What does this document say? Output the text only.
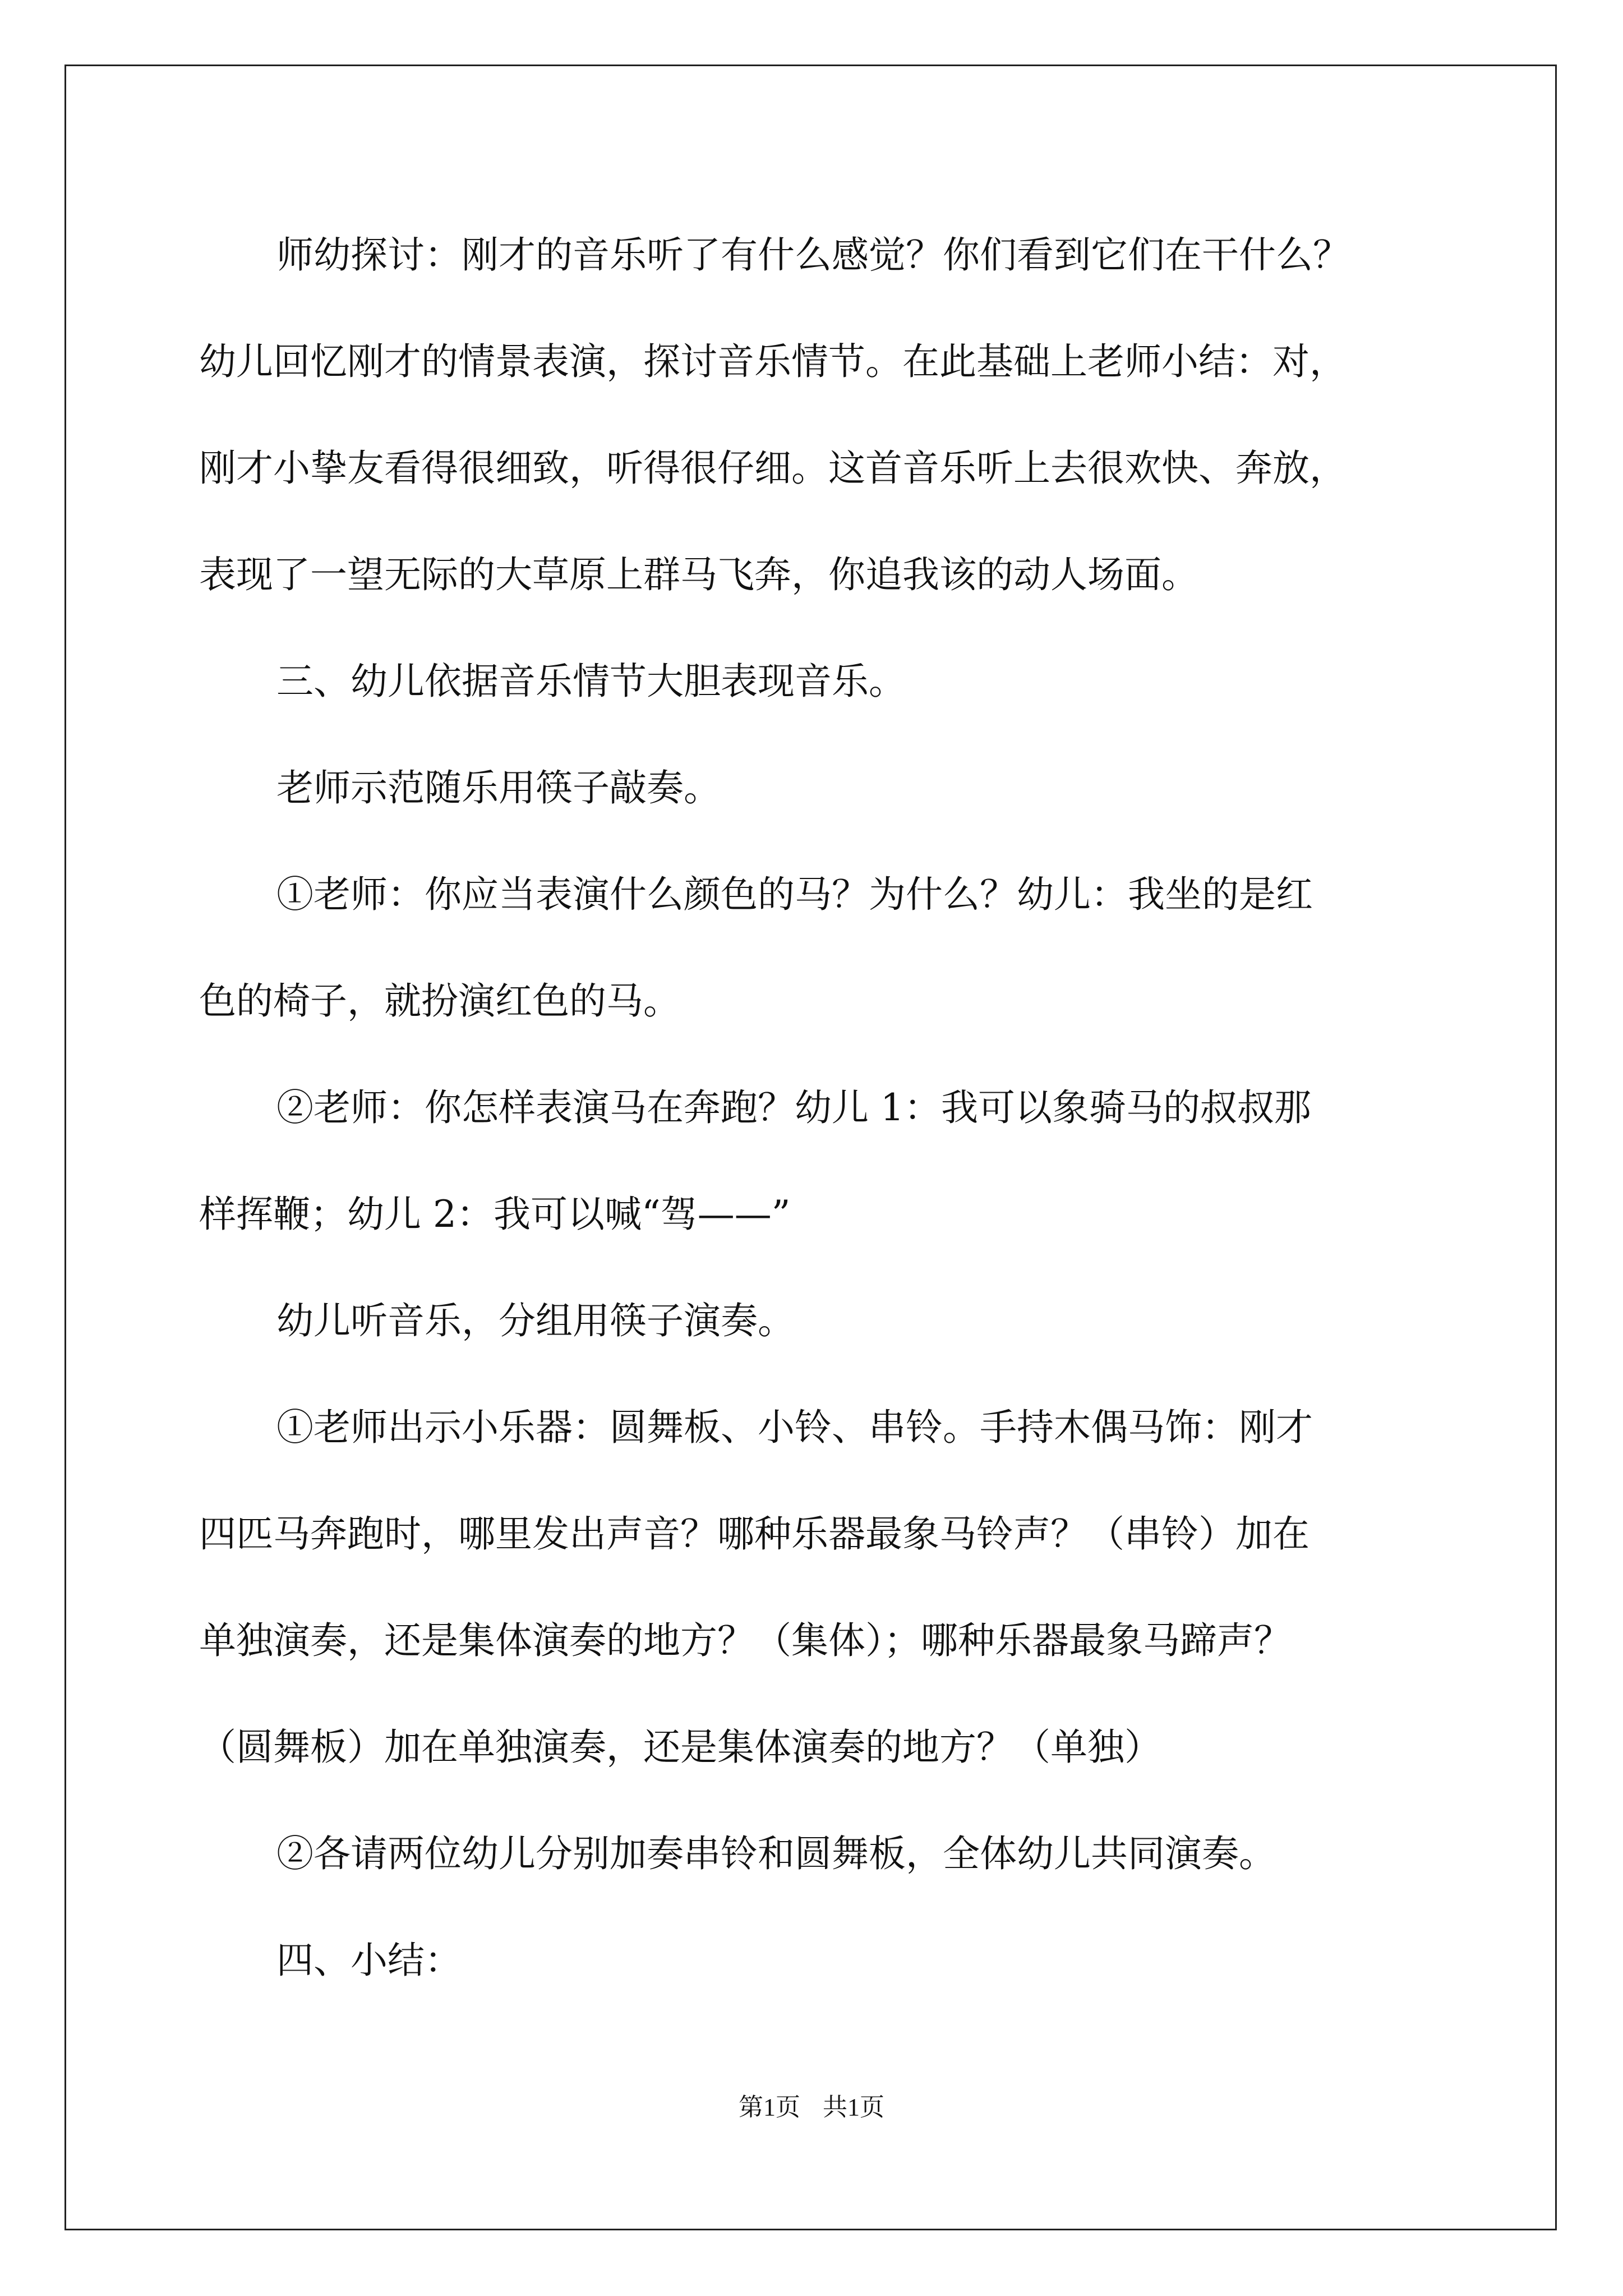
师幼探讨：刚才的音乐听了有什么感觉？你们看到它们在干什么？

幼儿回忆刚才的情景表演，探讨音乐情节。在此基础上老师小结：对，

刚才小挚友看得很细致，听得很仔细。这首音乐听上去很欢快、奔放，

表现了一望无际的大草原上群马飞奔，你追我该的动人场面。

三、幼儿依据音乐情节大胆表现音乐。

老师示范随乐用筷子敲奏。

①老师：你应当表演什么颜色的马？为什么？幼儿：我坐的是红

色的椅子，就扮演红色的马。

②老师：你怎样表演马在奔跑？幼儿 1：我可以象骑马的叔叔那

样挥鞭；幼儿 2：我可以喊“驾——”

幼儿听音乐，分组用筷子演奏。

①老师出示小乐器：圆舞板、小铃、串铃。手持木偶马饰：刚才

四匹马奔跑时，哪里发出声音？哪种乐器最象马铃声？（串铃）加在

单独演奏，还是集体演奏的地方？（集体）；哪种乐器最象马蹄声？

（圆舞板）加在单独演奏，还是集体演奏的地方？（单独）

②各请两位幼儿分别加奏串铃和圆舞板，全体幼儿共同演奏。

四、小结：

第1页 共1页
